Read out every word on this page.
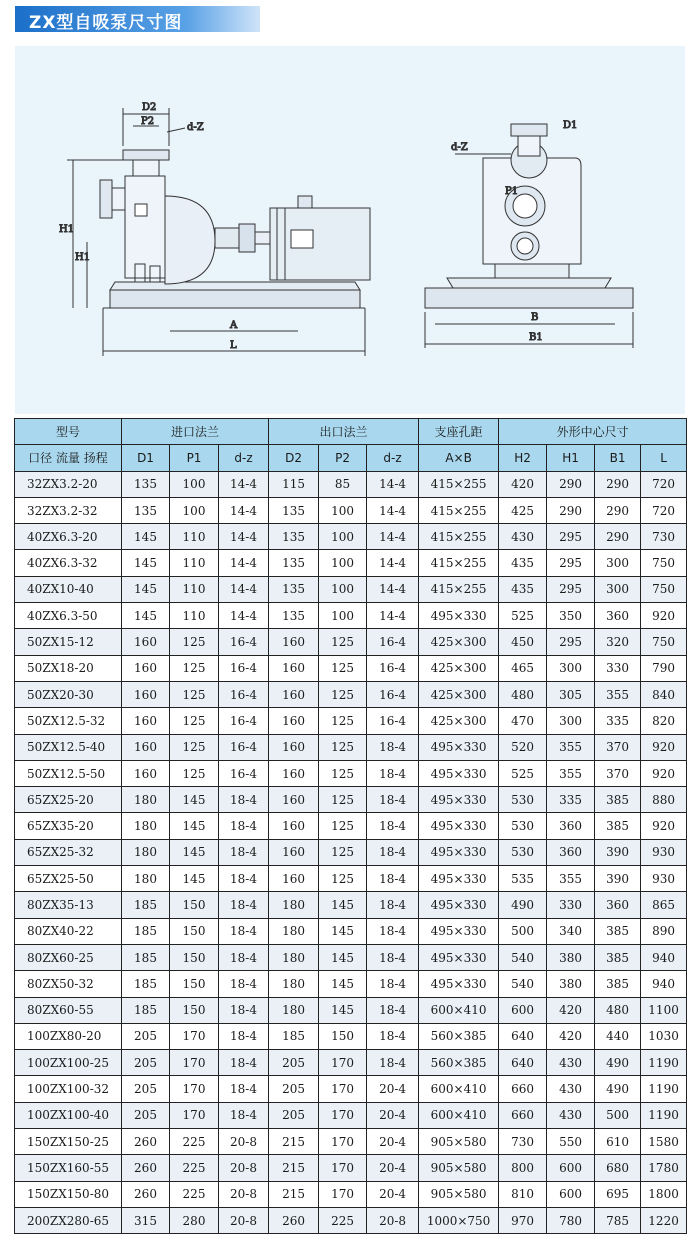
ZX型自吸泵尺寸图
D2
P2
d-Z
H1
H1
A
L
B
B1
d-Z
D1
P1
型号	进口法兰			出口法兰			支座孔距	外形中心尺寸			
口径 流量 扬程	D1	P1	d-z	D2	P2	d-z	A×B	H2	H1	B1	L
32ZX3.2-20	135	100	14-4	115	85	14-4	415×255	420	290	290	720
32ZX3.2-32	135	100	14-4	135	100	14-4	415×255	425	290	290	720
40ZX6.3-20	145	110	14-4	135	100	14-4	415×255	430	295	290	730
40ZX6.3-32	145	110	14-4	135	100	14-4	415×255	435	295	300	750
40ZX10-40	145	110	14-4	135	100	14-4	415×255	435	295	300	750
40ZX6.3-50	145	110	14-4	135	100	14-4	495×330	525	350	360	920
50ZX15-12	160	125	16-4	160	125	16-4	425×300	450	295	320	750
50ZX18-20	160	125	16-4	160	125	16-4	425×300	465	300	330	790
50ZX20-30	160	125	16-4	160	125	16-4	425×300	480	305	355	840
50ZX12.5-32	160	125	16-4	160	125	16-4	425×300	470	300	335	820
50ZX12.5-40	160	125	16-4	160	125	18-4	495×330	520	355	370	920
50ZX12.5-50	160	125	16-4	160	125	18-4	495×330	525	355	370	920
65ZX25-20	180	145	18-4	160	125	18-4	495×330	530	335	385	880
65ZX35-20	180	145	18-4	160	125	18-4	495×330	530	360	385	920
65ZX25-32	180	145	18-4	160	125	18-4	495×330	530	360	390	930
65ZX25-50	180	145	18-4	160	125	18-4	495×330	535	355	390	930
80ZX35-13	185	150	18-4	180	145	18-4	495×330	490	330	360	865
80ZX40-22	185	150	18-4	180	145	18-4	495×330	500	340	385	890
80ZX60-25	185	150	18-4	180	145	18-4	495×330	540	380	385	940
80ZX50-32	185	150	18-4	180	145	18-4	495×330	540	380	385	940
80ZX60-55	185	150	18-4	180	145	18-4	600×410	600	420	480	1100
100ZX80-20	205	170	18-4	185	150	18-4	560×385	640	420	440	1030
100ZX100-25	205	170	18-4	205	170	18-4	560×385	640	430	490	1190
100ZX100-32	205	170	18-4	205	170	20-4	600×410	660	430	490	1190
100ZX100-40	205	170	18-4	205	170	20-4	600×410	660	430	500	1190
150ZX150-25	260	225	20-8	215	170	20-4	905×580	730	550	610	1580
150ZX160-55	260	225	20-8	215	170	20-4	905×580	800	600	680	1780
150ZX150-80	260	225	20-8	215	170	20-4	905×580	810	600	695	1800
200ZX280-65	315	280	20-8	260	225	20-8	1000×750	970	780	785	1220
